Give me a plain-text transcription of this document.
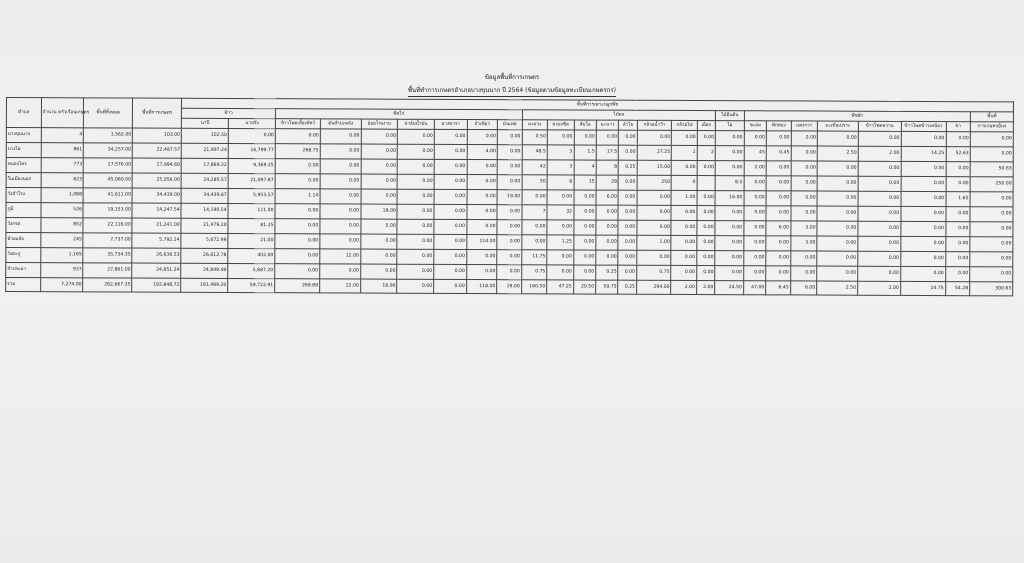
ข้อมูลพื้นที่การเกษตร
พื้นที่ทำการเกษตรอำเภอบางขุนนาก ปี 2564 (ข้อมูลตามข้อมูลทะเบียนเกษตรกร)
ตำบล	จำนวน ครัวเรือนเกษตร	พื้นที่ทั้งหมด	พื้นที่การเกษตร	พื้นที่การเพาะปลูกพืช																									
				ข้าว		พืชไร่							ไม้ผล								ไม้ยืนต้น	พืชผัก							พื้นที่
				นาปี	นาปรัง	ข้าวโพดเลี้ยงสัตว์	มันสำปะหลัง	อ้อยโรงงาน	ปาล์มน้ำมัน	ยางพารา	ถั่วเขียว	มันเทศ	มะม่วง	มะยงชิด	ส้มโอ	มะนาว	ลำไย	กล้วยน้ำว้า	กล้วยไข่	เผือก	ไผ่	ชะอม	ฟักทอง	แตงกวา	มะเขือเปราะ	ข้าวโพดหวาน	ข้าวโพดข้าวเหนียว	ข่า	การเกษตรอื่นๆ
บางขุนนาก	4	1,562.00	103.00	102.50	0.00	0.00	0.00	0.00	0.00	0.00	0.00	0.00	0.50	0.00	0.00	0.00	0.00	0.00	0.00	0.00	0.00	0.00	0.00	0.00	0.00	0.00	0.00	0.00	0.00
บางไผ่	861	34,257.00	22,487.57	21,997.24	16,799.77	268.75	0.00	0.00	0.00	0.00	4.00	0.00	48.5	3	1.5	17.5	0.00	27.25	1	2	0.00	45	0.45	0.00	2.50	2.00	14.25	52.63	0.00
หนองไทร	773	27,576.00	17,994.60	17,869.22	9,369.25	0.00	0.00	0.00	0.00	0.00	0.00	0.00	42	3	4	8	0.25	15.00	0.00	0.00	0.00	2.00	0.00	0.00	0.00	0.00	0.50	0.00	50.63
ในเมืองนอก	823	45,060.00	25,056.00	24,285.57	21,097.87	0.00	0.00	0.00	0.00	0.00	0.00	0.00	50	8	15	28	0.00	250	0		8.5	0.00	0.00	0.00	0.00	0.00	0.00	0.00	250.00
วังสำโรง	1,088	41,611.00	34,439.00	34,439.67	5,953.57	1.14	0.00	0.00	0.00	0.00	0.00	19.00	0.00	0.00	0.00	6.00	0.00	0.00	1.00	0.00	16.00	0.00	0.00	0.00	0.00	0.00	0.00	1.65	0.00
ภูมิ	526	19,153.00	14,247.54	14,190.54	111.00	0.00	0.00	18.00	0.00	0.00	0.00	0.00	7	32	0.00	0.00	0.00	0.00	0.00	0.00	0.00	0.00	0.00	0.00	0.00	0.00	0.00	0.00	0.00
วังกรด	852	22,116.00	21,241.00	21,479.20	81.25	0.00	0.00	0.00	0.00	0.00	0.00	0.00	0.00	0.00	0.00	0.00	0.00	0.00	0.00	0.00	0.00	0.00	6.00	3.00	0.00	0.00	0.00	0.00	0.00
ห้วยแห้ง	245	7,737.00	5,792.24	5,672.99	21.00	0.00	0.00	0.00	0.00	0.00	114.00	0.00	0.00	1.25	0.00	0.00	0.00	1.00	0.00	0.00	0.00	0.00	0.00	3.00	0.00	0.00	0.00	0.00	0.00
วังตะกู	1,165	35,734.35	26,636.53	26,612.78	402.00	0.00	12.00	0.00	0.00	0.00	0.00	0.00	11.75	0.00	0.00	0.00	0.00	0.00	0.00	0.00	0.00	0.00	0.00	0.00	0.00	0.00	0.00	0.00	0.00
ลำประดา	937	27,861.00	24,851.24	24,849.49	5,887.20	0.00	0.00	0.00	0.00	0.00	0.00	0.00	0.75	0.00	0.00	0.25	0.00	0.75	0.00	0.00	0.00	0.00	0.00	0.00	0.00	0.00	0.00	0.00	0.00
รวม	7,274.00	262,667.35	192,848.72	191,499.20	59,722.91	269.89	12.00	18.00	0.00	0.00	118.00	19.00	160.50	47.25	20.50	59.75	0.25	294.00	2.00	2.00	24.50	47.00	6.45	6.00	2.50	2.00	14.75	54.28	300.63
